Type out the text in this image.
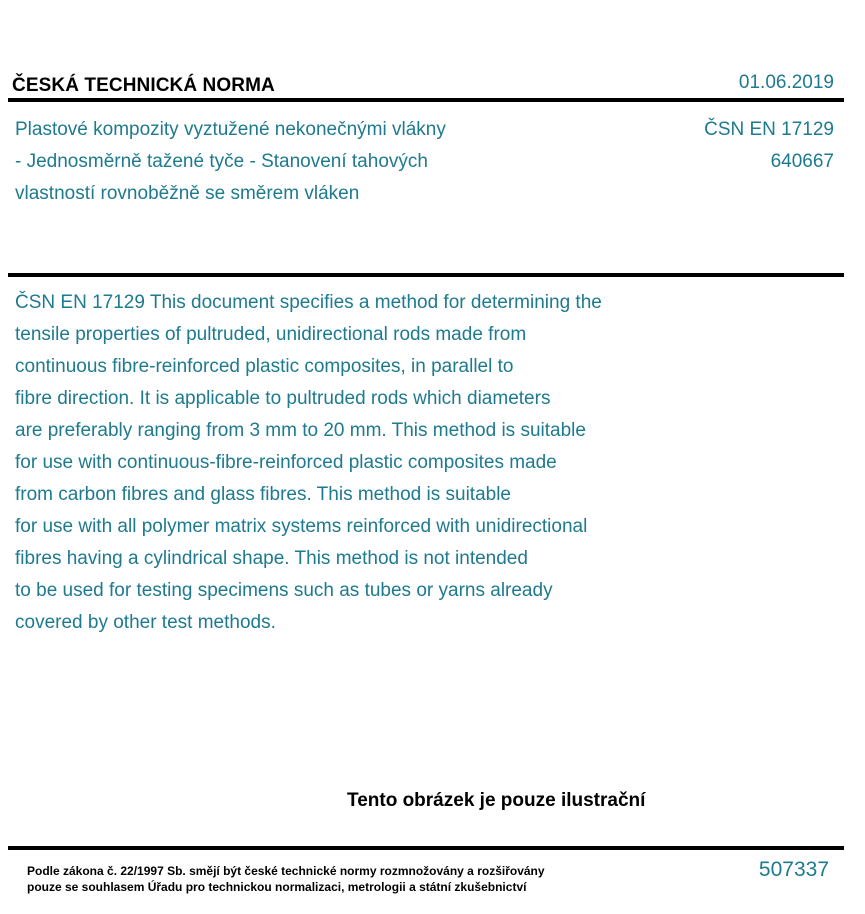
ČESKÁ TECHNICKÁ NORMA	01.06.2019
Plastové kompozity vyztužené nekonečnými vlákny
- Jednosměrně tažené tyče - Stanovení tahových
vlastností rovnoběžně se směrem vláken
ČSN EN 17129
640667
ČSN EN 17129 This document specifies a method for determining the
tensile properties of pultruded, unidirectional rods made from
continuous fibre-reinforced plastic composites, in parallel to
fibre direction. It is applicable to pultruded rods which diameters
are preferably ranging from 3 mm to 20 mm. This method is suitable
for use with continuous-fibre-reinforced plastic composites made
from carbon fibres and glass fibres. This method is suitable
for use with all polymer matrix systems reinforced with unidirectional
fibres having a cylindrical shape. This method is not intended
to be used for testing specimens such as tubes or yarns already
covered by other test methods.
Tento obrázek je pouze ilustrační
Podle zákona č. 22/1997 Sb. smějí být české technické normy rozmnožovány a rozšiřovány
pouze se souhlasem Úřadu pro technickou normalizaci, metrologii a státní zkušebnictví
507337
